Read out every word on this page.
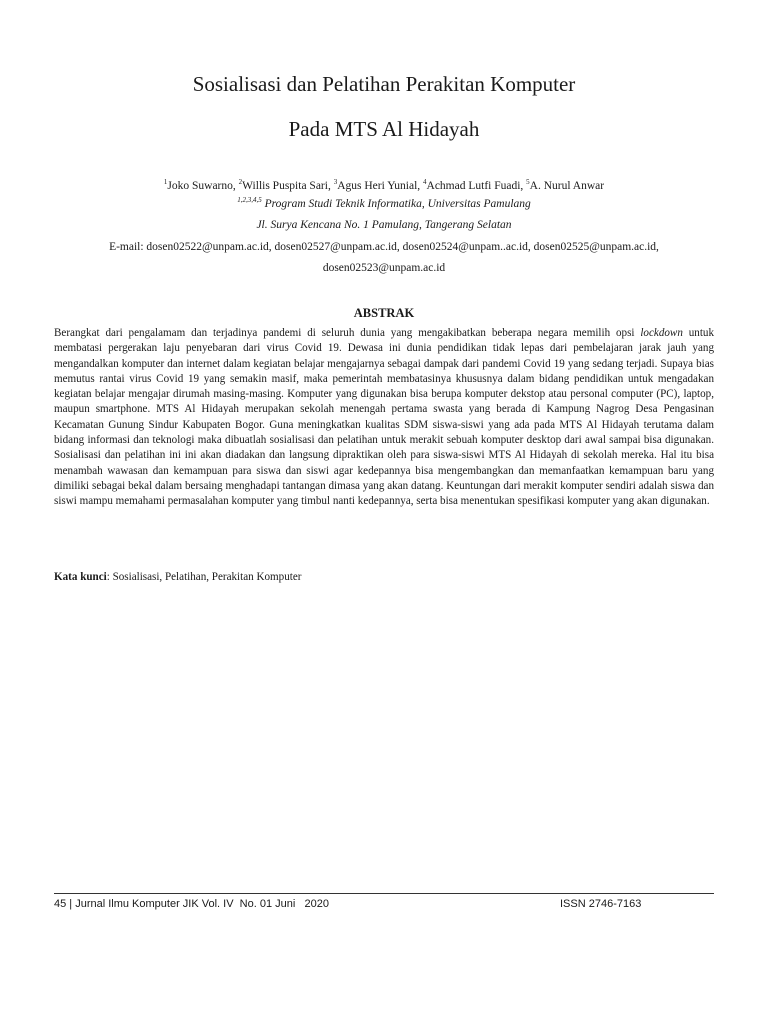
Sosialisasi dan Pelatihan Perakitan Komputer
Pada MTS Al Hidayah
$^1$Joko Suwarno, $^2$Willis Puspita Sari, $^3$Agus Heri Yunial, $^4$Achmad Lutfi Fuadi, $^5$A. Nurul Anwar
$^{1,2,3,4,5}$ Program Studi Teknik Informatika, Universitas Pamulang
Jl. Surya Kencana No. 1 Pamulang, Tangerang Selatan
E-mail: dosen02522@unpam.ac.id, dosen02527@unpam.ac.id, dosen02524@unpam..ac.id, dosen02525@unpam.ac.id,
dosen02523@unpam.ac.id
ABSTRAK

Berangkat dari pengalamam dan terjadinya pandemi di seluruh dunia yang mengakibatkan beberapa negara memilih opsi lockdown untuk membatasi pergerakan laju penyebaran dari virus Covid 19. Dewasa ini dunia pendidikan tidak lepas dari pembelajaran jarak jauh yang mengandalkan komputer dan internet dalam kegiatan belajar mengajarnya sebagai dampak dari pandemi Covid 19 yang sedang terjadi. Supaya bias memutus rantai virus Covid 19 yang semakin masif, maka pemerintah membatasinya khususnya dalam bidang pendidikan untuk mengadakan kegiatan belajar mengajar dirumah masing-masing. Komputer yang digunakan bisa berupa komputer dekstop atau personal computer (PC), laptop, maupun smartphone. MTS Al Hidayah merupakan sekolah menengah pertama swasta yang berada di Kampung Nagrog Desa Pengasinan Kecamatan Gunung Sindur Kabupaten Bogor. Guna meningkatkan kualitas SDM siswa-siswi yang ada pada MTS Al Hidayah terutama dalam bidang informasi dan teknologi maka dibuatlah sosialisasi dan pelatihan untuk merakit sebuah komputer desktop dari awal sampai bisa digunakan. Sosialisasi dan pelatihan ini ini akan diadakan dan langsung dipraktikan oleh para siswa-siswi MTS Al Hidayah di sekolah mereka. Hal itu bisa menambah wawasan dan kemampuan para siswa dan siswi agar kedepannya bisa mengembangkan dan memanfaatkan kemampuan baru yang dimiliki sebagai bekal dalam bersaing menghadapi tantangan dimasa yang akan datang. Keuntungan dari merakit komputer sendiri adalah siswa dan siswi mampu memahami permasalahan komputer yang timbul nanti kedepannya, serta bisa menentukan spesifikasi komputer yang akan digunakan.

Kata kunci: Sosialisasi, Pelatihan, Perakitan Komputer
45 | Jurnal Ilmu Komputer JIK Vol. IV  No. 01 Juni   2020	ISSN 2746-7163
